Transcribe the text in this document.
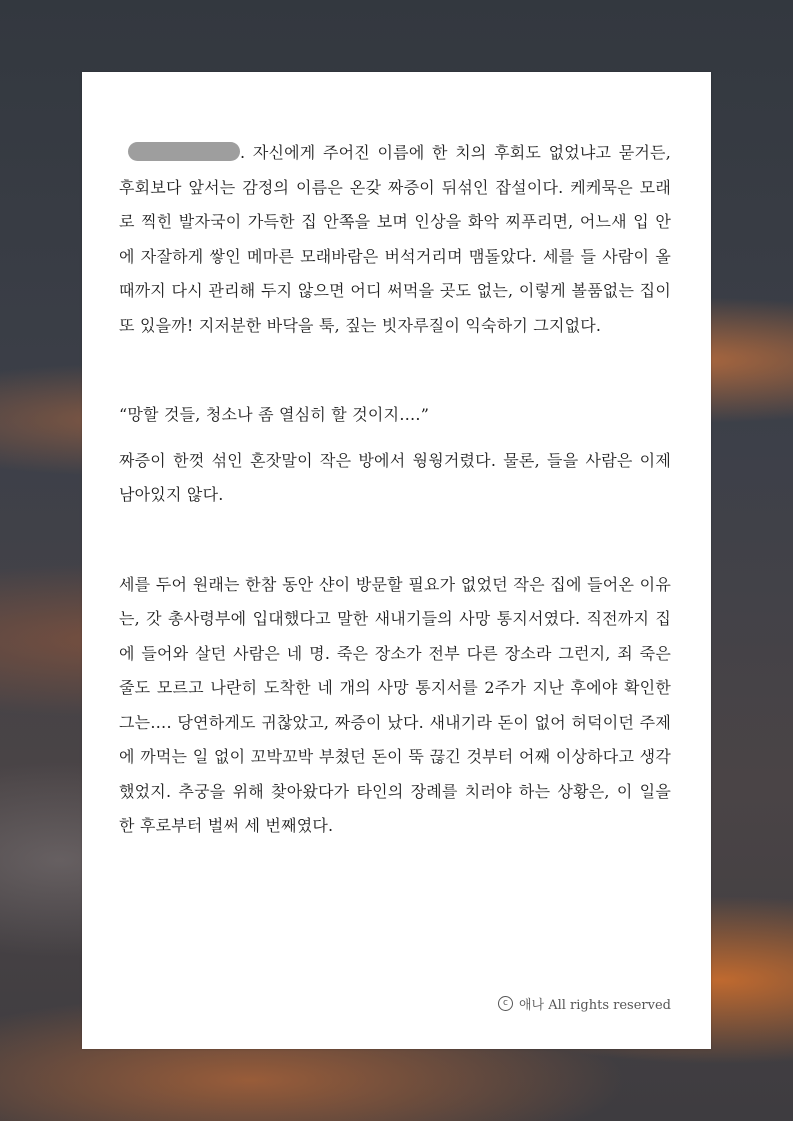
. 자신에게 주어진 이름에 한 치의 후회도 없었냐고 묻거든, 후회보다 앞서는 감정의 이름은 온갖 짜증이 뒤섞인 잡설이다. 케케묵은 모래로 찍힌 발자국이 가득한 집 안쪽을 보며 인상을 화악 찌푸리면, 어느새 입 안에 자잘하게 쌓인 메마른 모래바람은 버석거리며 맴돌았다. 세를 들 사람이 올 때까지 다시 관리해 두지 않으면 어디 써먹을 곳도 없는, 이렇게 볼품없는 집이 또 있을까! 지저분한 바닥을 툭, 짚는 빗자루질이 익숙하기 그지없다.

“망할 것들, 청소나 좀 열심히 할 것이지….”

짜증이 한껏 섞인 혼잣말이 작은 방에서 웡웡거렸다. 물론, 들을 사람은 이제 남아있지 않다.

세를 두어 원래는 한참 동안 샨이 방문할 필요가 없었던 작은 집에 들어온 이유는, 갓 총사령부에 입대했다고 말한 새내기들의 사망 통지서였다. 직전까지 집에 들어와 살던 사람은 네 명. 죽은 장소가 전부 다른 장소라 그런지, 죄 죽은 줄도 모르고 나란히 도착한 네 개의 사망 통지서를 2주가 지난 후에야 확인한 그는…. 당연하게도 귀찮았고, 짜증이 났다. 새내기라 돈이 없어 허덕이던 주제에 까먹는 일 없이 꼬박꼬박 부쳤던 돈이 뚝 끊긴 것부터 어째 이상하다고 생각했었지. 추궁을 위해 찾아왔다가 타인의 장례를 치러야 하는 상황은, 이 일을 한 후로부터 벌써 세 번째였다.

c 애나 All rights reserved
